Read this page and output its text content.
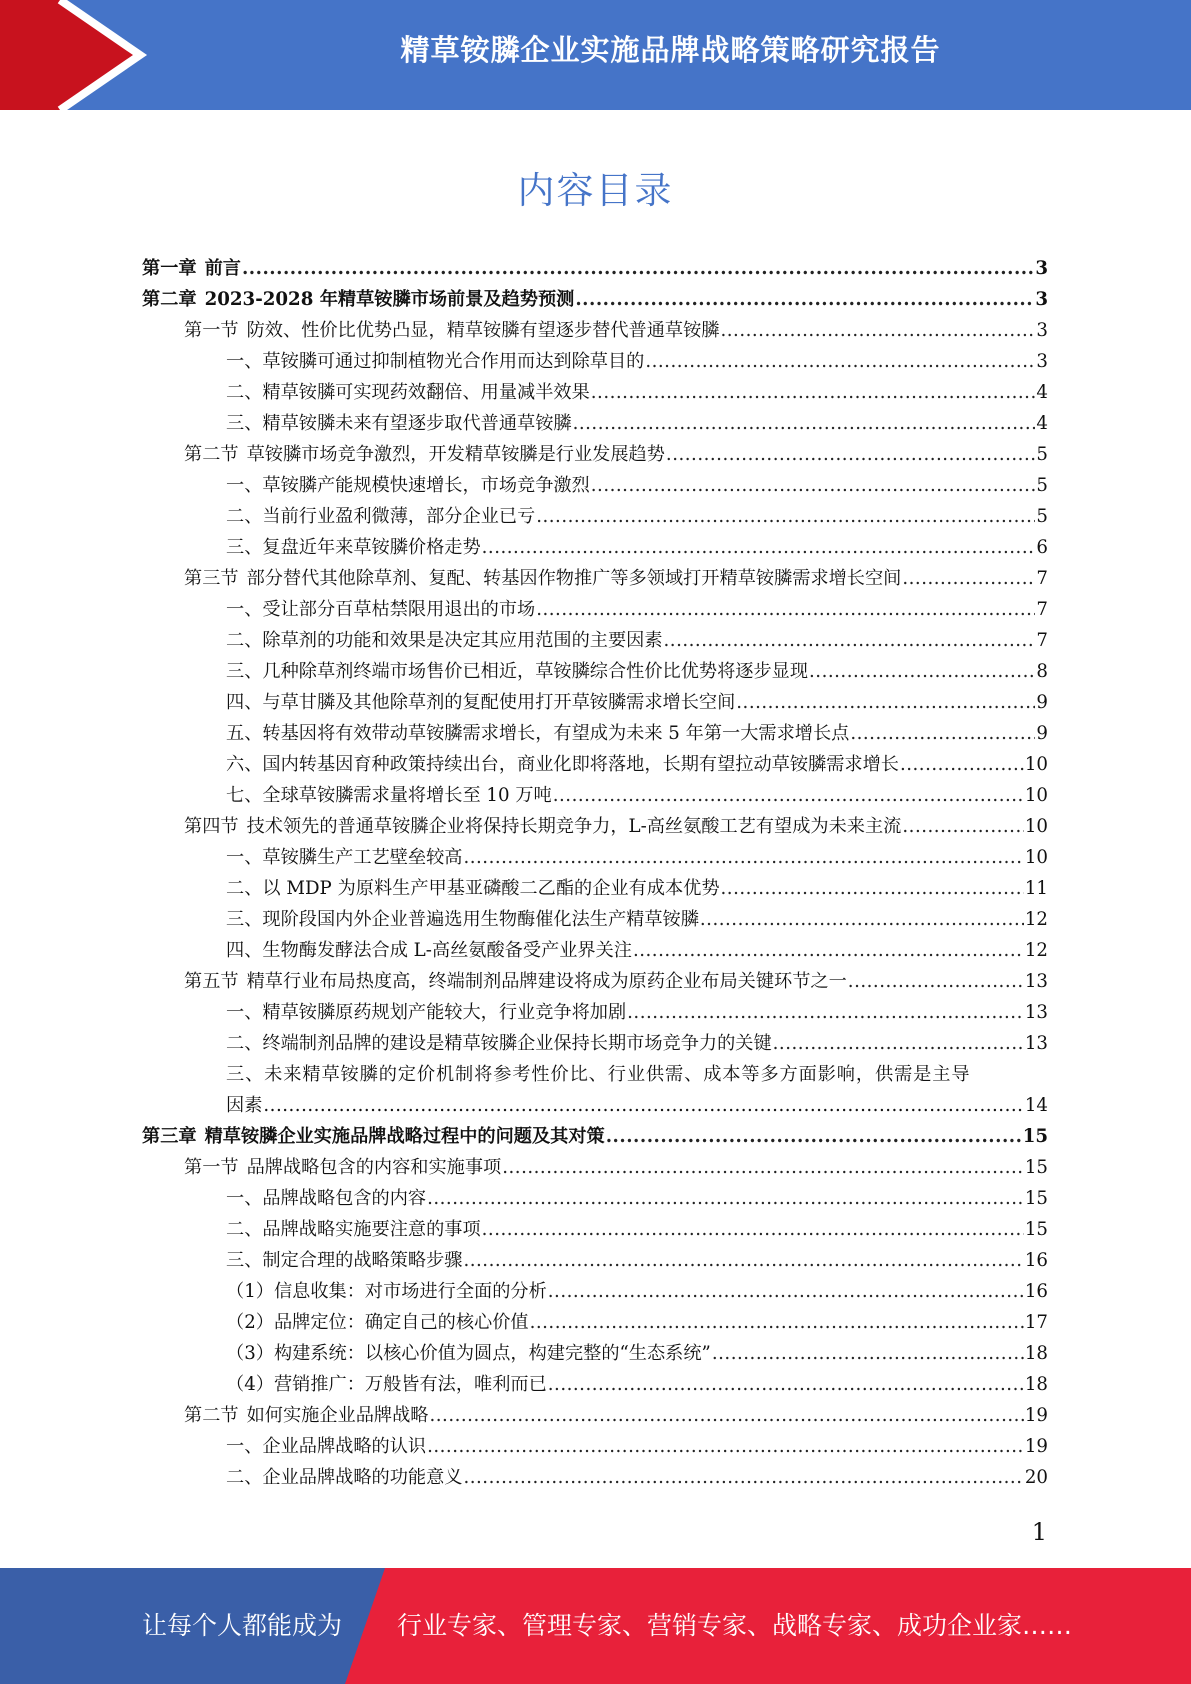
精草铵膦企业实施品牌战略策略研究报告
内容目录
第一章 前言 .....	3
第二章 2023-2028 年精草铵膦市场前景及趋势预测 .....	3
第一节 防效、性价比优势凸显，精草铵膦有望逐步替代普通草铵膦 .....	3
一、草铵膦可通过抑制植物光合作用而达到除草目的 .....	3
二、精草铵膦可实现药效翻倍、用量减半效果 .....	4
三、精草铵膦未来有望逐步取代普通草铵膦 .....	4
第二节 草铵膦市场竞争激烈，开发精草铵膦是行业发展趋势 .....	5
一、草铵膦产能规模快速增长，市场竞争激烈 .....	5
二、当前行业盈利微薄，部分企业已亏 .....	5
三、复盘近年来草铵膦价格走势 .....	6
第三节 部分替代其他除草剂、复配、转基因作物推广等多领域打开精草铵膦需求增长空间 .....	7
一、受让部分百草枯禁限用退出的市场 .....	7
二、除草剂的功能和效果是决定其应用范围的主要因素 .....	7
三、几种除草剂终端市场售价已相近，草铵膦综合性价比优势将逐步显现 .....	8
四、与草甘膦及其他除草剂的复配使用打开草铵膦需求增长空间 .....	9
五、转基因将有效带动草铵膦需求增长，有望成为未来 5 年第一大需求增长点 .....	9
六、国内转基因育种政策持续出台，商业化即将落地，长期有望拉动草铵膦需求增长 .....	10
七、全球草铵膦需求量将增长至 10 万吨 .....	10
第四节 技术领先的普通草铵膦企业将保持长期竞争力，L-高丝氨酸工艺有望成为未来主流 .....	10
一、草铵膦生产工艺壁垒较高 .....	10
二、以 MDP 为原料生产甲基亚磷酸二乙酯的企业有成本优势 .....	11
三、现阶段国内外企业普遍选用生物酶催化法生产精草铵膦 .....	12
四、生物酶发酵法合成 L-高丝氨酸备受产业界关注 .....	12
第五节 精草行业布局热度高，终端制剂品牌建设将成为原药企业布局关键环节之一 .....	13
一、精草铵膦原药规划产能较大，行业竞争将加剧 .....	13
二、终端制剂品牌的建设是精草铵膦企业保持长期市场竞争力的关键 .....	13
三、未来精草铵膦的定价机制将参考性价比、行业供需、成本等多方面影响，供需是主导
因素 .....	14
第三章 精草铵膦企业实施品牌战略过程中的问题及其对策 .....	15
第一节 品牌战略包含的内容和实施事项 .....	15
一、品牌战略包含的内容 .....	15
二、品牌战略实施要注意的事项 .....	15
三、制定合理的战略策略步骤 .....	16
（1）信息收集：对市场进行全面的分析 .....	16
（2）品牌定位：确定自己的核心价值 .....	17
（3）构建系统：以核心价值为圆点，构建完整的“生态系统” .....	18
（4）营销推广：万般皆有法，唯利而已 .....	18
第二节 如何实施企业品牌战略 .....	19
一、企业品牌战略的认识 .....	19
二、企业品牌战略的功能意义 .....	20
1
让每个人都能成为 行业专家、管理专家、营销专家、战略专家、成功企业家……
